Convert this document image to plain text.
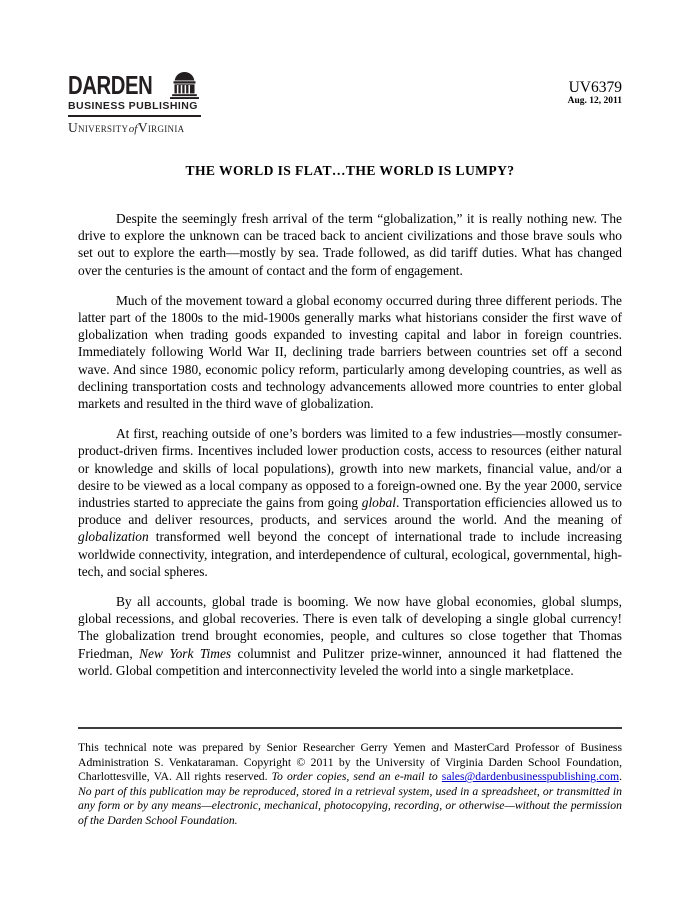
DARDEN
BUSINESS PUBLISHING
UniversityofVirginia
UV6379
Aug. 12, 2011
THE WORLD IS FLAT…THE WORLD IS LUMPY?

Despite the seemingly fresh arrival of the term “globalization,” it is really nothing new. The drive to explore the unknown can be traced back to ancient civilizations and those brave souls who set out to explore the earth—mostly by sea. Trade followed, as did tariff duties. What has changed over the centuries is the amount of contact and the form of engagement.

Much of the movement toward a global economy occurred during three different periods. The latter part of the 1800s to the mid-1900s generally marks what historians consider the first wave of globalization when trading goods expanded to investing capital and labor in foreign countries. Immediately following World War II, declining trade barriers between countries set off a second wave. And since 1980, economic policy reform, particularly among developing countries, as well as declining transportation costs and technology advancements allowed more countries to enter global markets and resulted in the third wave of globalization.

At first, reaching outside of one’s borders was limited to a few industries—mostly consumer-product-driven firms. Incentives included lower production costs, access to resources (either natural or knowledge and skills of local populations), growth into new markets, financial value, and/or a desire to be viewed as a local company as opposed to a foreign-owned one. By the year 2000, service industries started to appreciate the gains from going global. Transportation efficiencies allowed us to produce and deliver resources, products, and services around the world. And the meaning of globalization transformed well beyond the concept of international trade to include increasing worldwide connectivity, integration, and interdependence of cultural, ecological, governmental, high-tech, and social spheres.

By all accounts, global trade is booming. We now have global economies, global slumps, global recessions, and global recoveries. There is even talk of developing a single global currency! The globalization trend brought economies, people, and cultures so close together that Thomas Friedman, New York Times columnist and Pulitzer prize-winner, announced it had flattened the world. Global competition and interconnectivity leveled the world into a single marketplace.

This technical note was prepared by Senior Researcher Gerry Yemen and MasterCard Professor of Business Administration S. Venkataraman. Copyright © 2011 by the University of Virginia Darden School Foundation, Charlottesville, VA. All rights reserved. To order copies, send an e-mail to sales@dardenbusinesspublishing.com. No part of this publication may be reproduced, stored in a retrieval system, used in a spreadsheet, or transmitted in any form or by any means—electronic, mechanical, photocopying, recording, or otherwise—without the permission of the Darden School Foundation.
